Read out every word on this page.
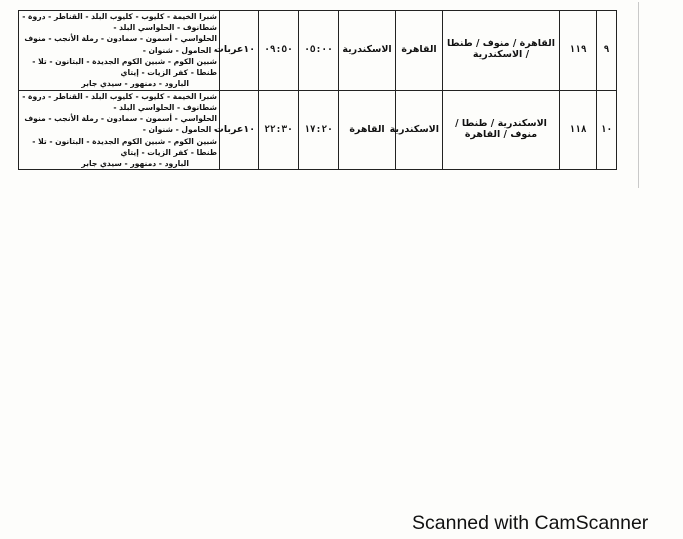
٩	١١٩	القاهرة / منوف / طنطا / الاسكندرية	القاهرة	الاسكندرية	٠٥:٠٠	٠٩:٥٠	١٠عربات	شبرا الخيمة - كليوب - كليوب البلد - القناطر - دروة - شطانوف - الحلواسي البلد -
الحلواسي - أسمون - سمادون - رملة الأنجب - منوف - الحامول - شنوان -
شبين الكوم - شبين الكوم الجديدة - البتانون - تلا - طنطا - كفر الزيات - إيتاي
البارود - دمنهور - سيدي جابر

١٠	١١٨	الاسكندرية / طنطا / منوف / القاهرة	الاسكندرية	القاهرة	١٧:٢٠	٢٢:٣٠	١٠عربات	شبرا الخيمة - كليوب - كليوب البلد - القناطر - دروة - شطانوف - الحلواسي البلد -
الحلواسي - أسمون - سمادون - رملة الأنجب - منوف - الحامول - شنوان -
شبين الكوم - شبين الكوم الجديدة - البتانون - تلا - طنطا - كفر الزيات - إيتاي
البارود - دمنهور - سيدي جابر
Scanned with CamScanner
